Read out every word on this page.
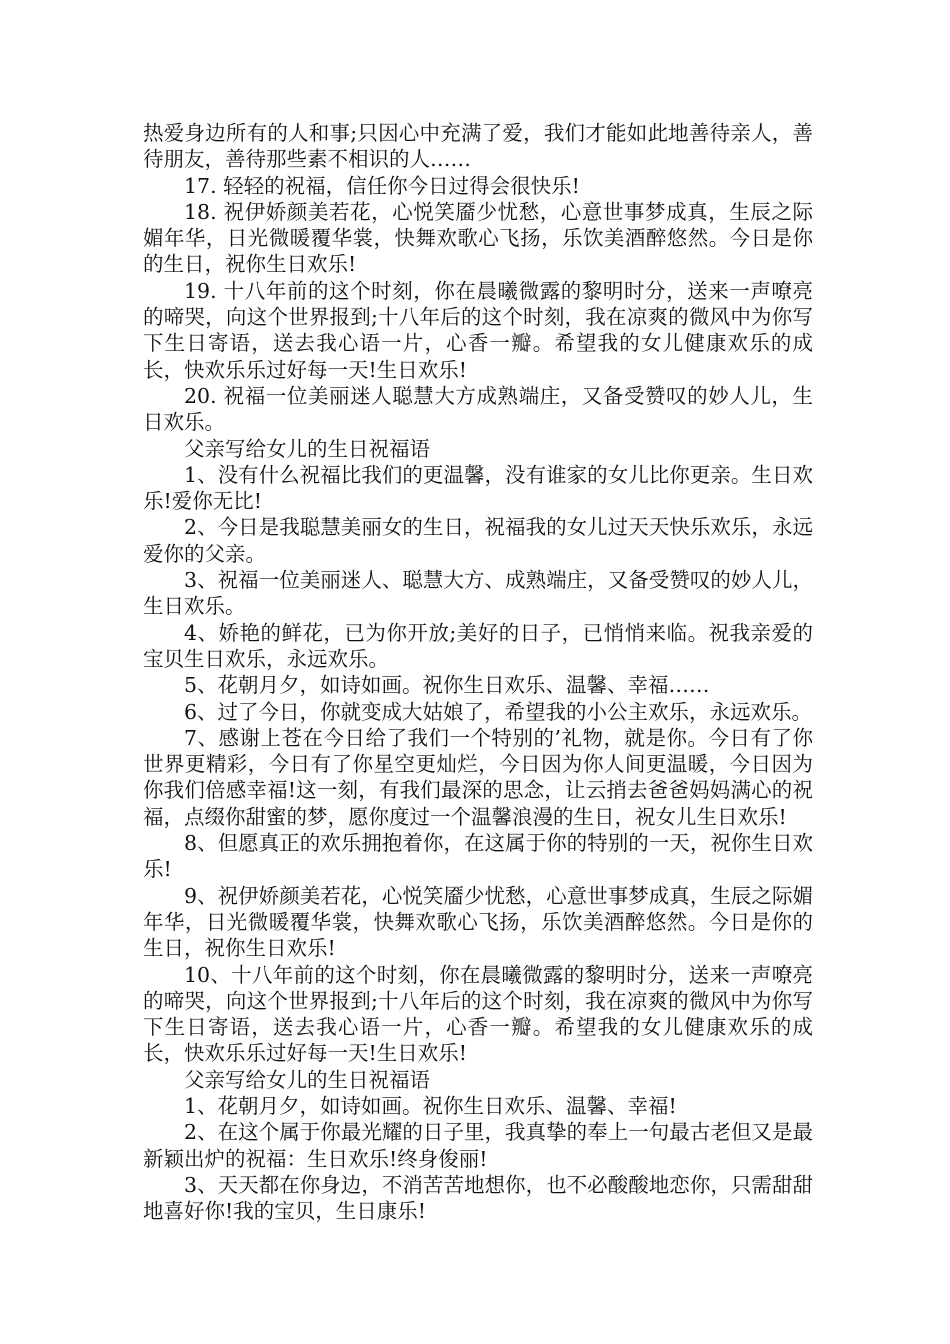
热爱身边所有的人和事;只因心中充满了爱，我们才能如此地善待亲人，善待朋友，善待那些素不相识的人……

17. 轻轻的祝福，信任你今日过得会很快乐!

18. 祝伊娇颜美若花，心悦笑靥少忧愁，心意世事梦成真，生辰之际媚年华，日光微暖覆华裳，快舞欢歌心飞扬，乐饮美酒醉悠然。今日是你的生日，祝你生日欢乐!

19. 十八年前的这个时刻，你在晨曦微露的黎明时分，送来一声嘹亮的啼哭，向这个世界报到;十八年后的这个时刻，我在凉爽的微风中为你写下生日寄语，送去我心语一片，心香一瓣。希望我的女儿健康欢乐的成长，快欢乐乐过好每一天!生日欢乐!

20. 祝福一位美丽迷人聪慧大方成熟端庄，又备受赞叹的妙人儿，生日欢乐。

父亲写给女儿的生日祝福语

1、没有什么祝福比我们的更温馨，没有谁家的女儿比你更亲。生日欢乐!爱你无比!

2、今日是我聪慧美丽女的生日，祝福我的女儿过天天快乐欢乐，永远爱你的父亲。

3、祝福一位美丽迷人、聪慧大方、成熟端庄，又备受赞叹的妙人儿，生日欢乐。

4、娇艳的鲜花，已为你开放;美好的日子，已悄悄来临。祝我亲爱的宝贝生日欢乐，永远欢乐。

5、花朝月夕，如诗如画。祝你生日欢乐、温馨、幸福……

6、过了今日，你就变成大姑娘了，希望我的小公主欢乐，永远欢乐。

7、感谢上苍在今日给了我们一个特别的’礼物，就是你。今日有了你世界更精彩，今日有了你星空更灿烂，今日因为你人间更温暖，今日因为你我们倍感幸福!这一刻，有我们最深的思念，让云捎去爸爸妈妈满心的祝福，点缀你甜蜜的梦，愿你度过一个温馨浪漫的生日，祝女儿生日欢乐!

8、但愿真正的欢乐拥抱着你，在这属于你的特别的一天，祝你生日欢乐!

9、祝伊娇颜美若花，心悦笑靥少忧愁，心意世事梦成真，生辰之际媚年华，日光微暖覆华裳，快舞欢歌心飞扬，乐饮美酒醉悠然。今日是你的生日，祝你生日欢乐!

10、十八年前的这个时刻，你在晨曦微露的黎明时分，送来一声嘹亮的啼哭，向这个世界报到;十八年后的这个时刻，我在凉爽的微风中为你写下生日寄语，送去我心语一片，心香一瓣。希望我的女儿健康欢乐的成长，快欢乐乐过好每一天!生日欢乐!

父亲写给女儿的生日祝福语

1、花朝月夕，如诗如画。祝你生日欢乐、温馨、幸福!

2、在这个属于你最光耀的日子里，我真挚的奉上一句最古老但又是最新颖出炉的祝福：生日欢乐!终身俊丽!

3、天天都在你身边，不消苦苦地想你，也不必酸酸地恋你，只需甜甜地喜好你!我的宝贝，生日康乐!
